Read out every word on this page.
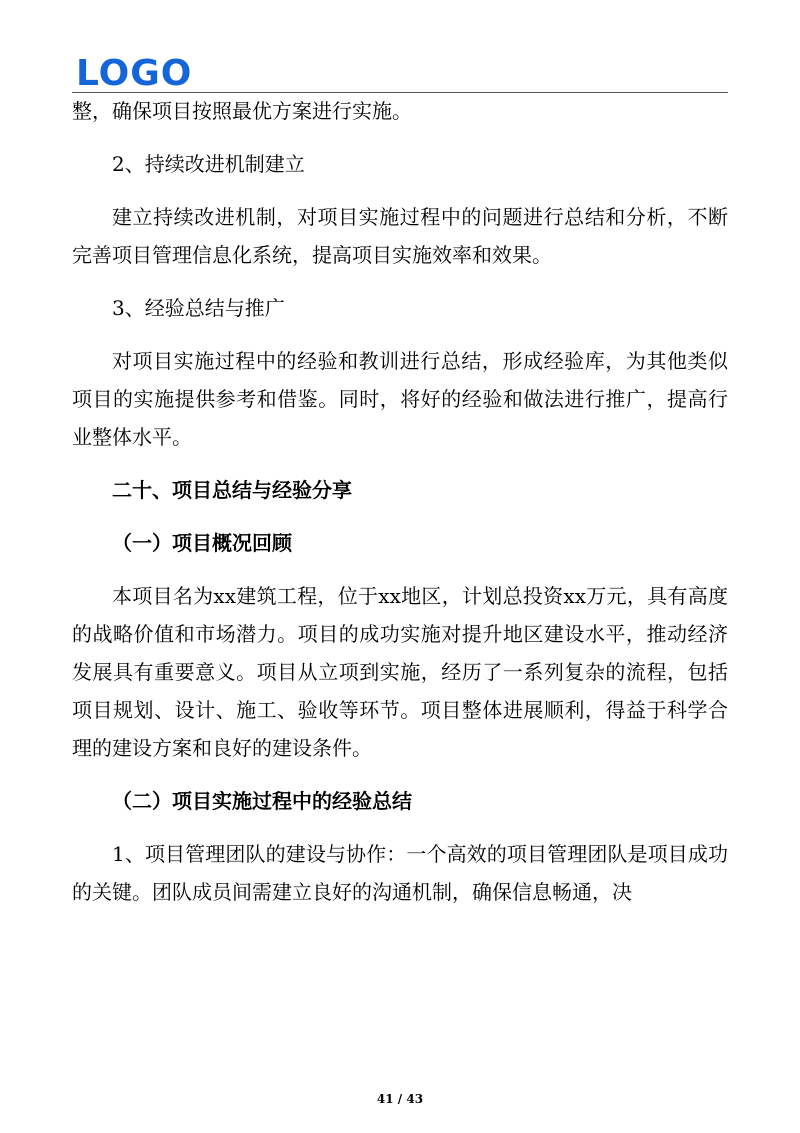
LOGO

整，确保项目按照最优方案进行实施。

2、持续改进机制建立

建立持续改进机制，对项目实施过程中的问题进行总结和分析，不断完善项目管理信息化系统，提高项目实施效率和效果。

3、经验总结与推广

对项目实施过程中的经验和教训进行总结，形成经验库，为其他类似项目的实施提供参考和借鉴。同时，将好的经验和做法进行推广，提高行业整体水平。

二十、项目总结与经验分享

（一）项目概况回顾

本项目名为xx建筑工程，位于xx地区，计划总投资xx万元，具有高度的战略价值和市场潜力。项目的成功实施对提升地区建设水平，推动经济发展具有重要意义。项目从立项到实施，经历了一系列复杂的流程，包括项目规划、设计、施工、验收等环节。项目整体进展顺利，得益于科学合理的建设方案和良好的建设条件。

（二）项目实施过程中的经验总结

1、项目管理团队的建设与协作：一个高效的项目管理团队是项目成功的关键。团队成员间需建立良好的沟通机制，确保信息畅通，决

41 / 43
